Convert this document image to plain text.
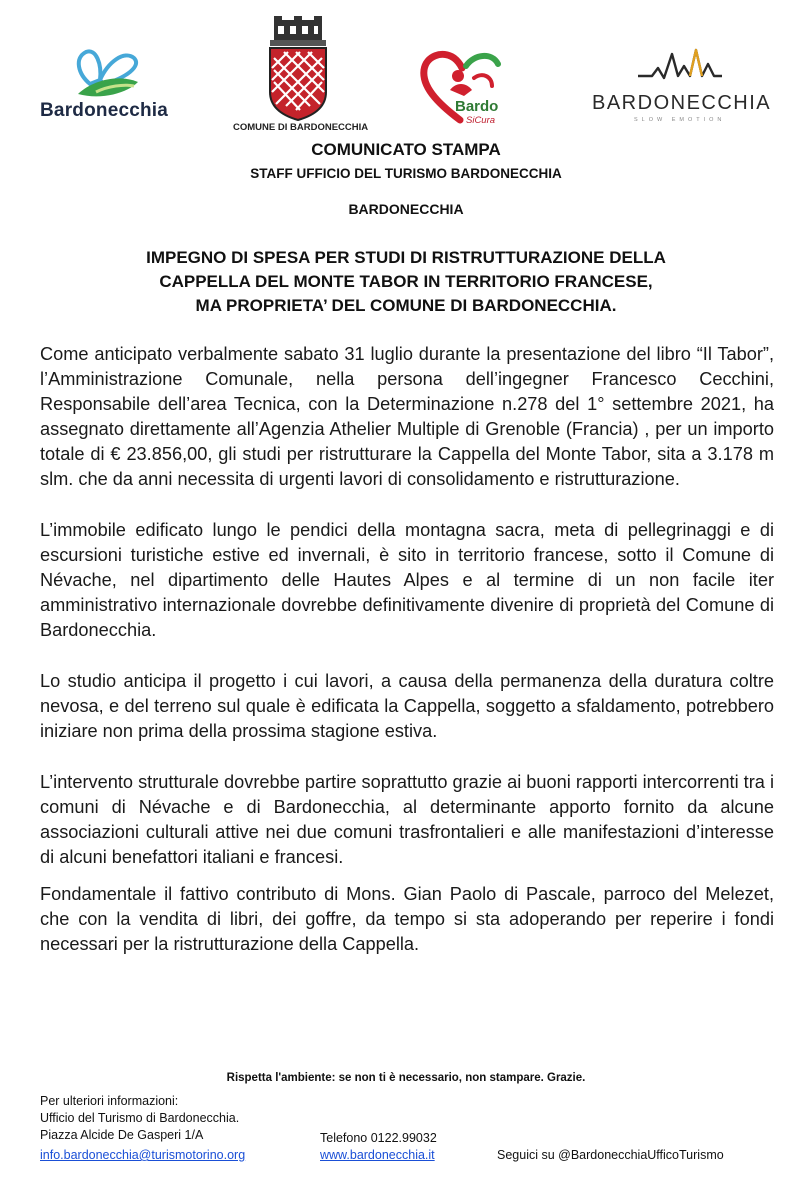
Bardonecchia
COMUNE DI BARDONECCHIA
Bardo
SiCura
BARDONECCHIA
SLOW EMOTION
COMUNICATO STAMPA
STAFF UFFICIO DEL TURISMO BARDONECCHIA
BARDONECCHIA
IMPEGNO DI SPESA PER STUDI DI RISTRUTTURAZIONE DELLA
CAPPELLA DEL MONTE TABOR IN TERRITORIO FRANCESE,
MA PROPRIETA’ DEL COMUNE DI BARDONECCHIA.

Come anticipato verbalmente sabato 31 luglio durante la presentazione del libro “Il Tabor”, l’Amministrazione Comunale, nella persona dell’ingegner Francesco Cecchini, Responsabile dell’area Tecnica, con la Determinazione n.278 del 1° settembre 2021, ha assegnato direttamente all’Agenzia Athelier Multiple di Grenoble (Francia) , per un importo totale di € 23.856,00, gli studi per ristrutturare la Cappella del Monte Tabor, sita a 3.178 m slm. che da anni necessita di urgenti lavori di consolidamento e ristrutturazione.

L’immobile edificato lungo le pendici della montagna sacra, meta di pellegrinaggi e di escursioni turistiche estive ed invernali, è sito in territorio francese, sotto il Comune di Névache, nel dipartimento delle Hautes Alpes e al termine di un non facile iter amministrativo internazionale dovrebbe definitivamente divenire di proprietà del Comune di Bardonecchia.

Lo studio anticipa il progetto i cui lavori, a causa della permanenza della duratura coltre nevosa, e del terreno sul quale è edificata la Cappella, soggetto a sfaldamento, potrebbero iniziare non prima della prossima stagione estiva.

L’intervento strutturale dovrebbe partire soprattutto grazie ai buoni rapporti intercorrenti tra i comuni di Névache e di Bardonecchia, al determinante apporto fornito da alcune associazioni culturali attive nei due comuni trasfrontalieri e alle manifestazioni d’interesse di alcuni benefattori italiani e francesi.

Fondamentale il fattivo contributo di Mons. Gian Paolo di Pascale, parroco del Melezet, che con la vendita di libri, dei goffre, da tempo si sta adoperando per reperire i fondi necessari per la ristrutturazione della Cappella.

Rispetta l'ambiente: se non ti è necessario, non stampare. Grazie.
Per ulteriori informazioni:
Ufficio del Turismo di Bardonecchia.
Piazza Alcide De Gasperi 1/A	Telefono 0122.99032
info.bardonecchia@turismotorino.org	www.bardonecchia.it	Seguici su @BardonecchiaUfficoTurismo
